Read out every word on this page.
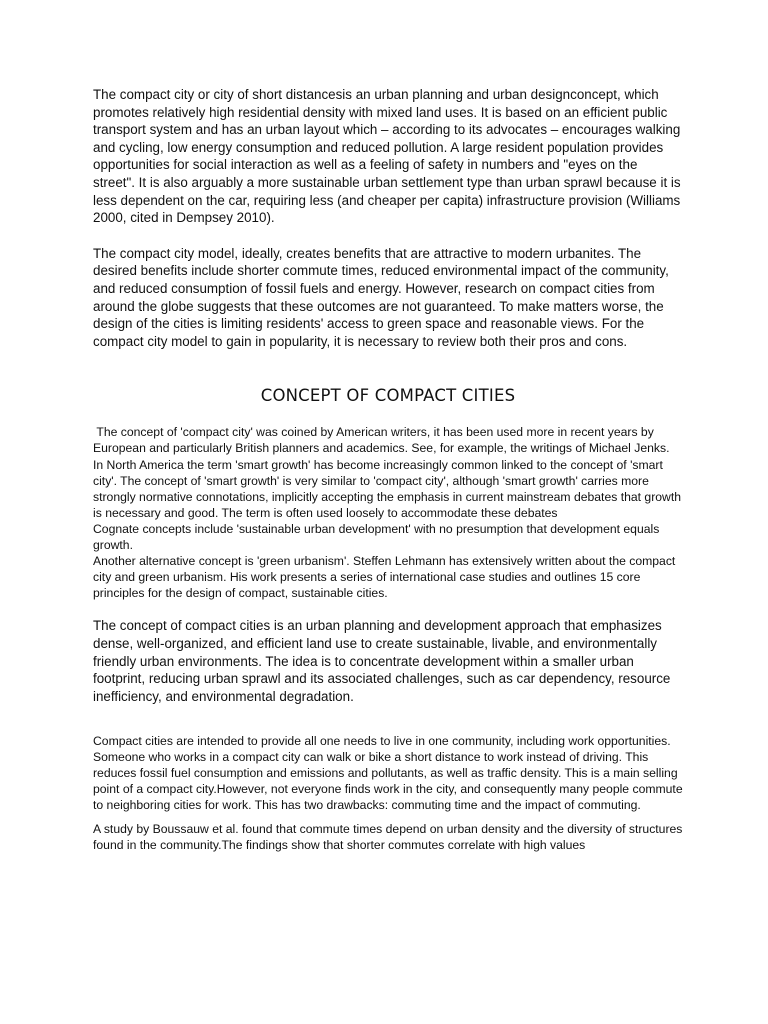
The compact city or city of short distancesis an urban planning and urban designconcept, which promotes relatively high residential density with mixed land uses. It is based on an efficient public transport system and has an urban layout which – according to its advocates – encourages walking and cycling, low energy consumption and reduced pollution. A large resident population provides opportunities for social interaction as well as a feeling of safety in numbers and "eyes on the street". It is also arguably a more sustainable urban settlement type than urban sprawl because it is less dependent on the car, requiring less (and cheaper per capita) infrastructure provision (Williams 2000, cited in Dempsey 2010).

The compact city model, ideally, creates benefits that are attractive to modern urbanites. The desired benefits include shorter commute times, reduced environmental impact of the community, and reduced consumption of fossil fuels and energy. However, research on compact cities from around the globe suggests that these outcomes are not guaranteed. To make matters worse, the design of the cities is limiting residents' access to green space and reasonable views. For the compact city model to gain in popularity, it is necessary to review both their pros and cons.

CONCEPT OF COMPACT CITIES

The concept of 'compact city' was coined by American writers, it has been used more in recent years by European and particularly British planners and academics. See, for example, the writings of Michael Jenks.

In North America the term 'smart growth' has become increasingly common linked to the concept of 'smart city'. The concept of 'smart growth' is very similar to 'compact city', although 'smart growth' carries more strongly normative connotations, implicitly accepting the emphasis in current mainstream debates that growth is necessary and good. The term is often used loosely to accommodate these debates

Cognate concepts include 'sustainable urban development' with no presumption that development equals growth.

Another alternative concept is 'green urbanism'. Steffen Lehmann has extensively written about the compact city and green urbanism. His work presents a series of international case studies and outlines 15 core principles for the design of compact, sustainable cities.

The concept of compact cities is an urban planning and development approach that emphasizes dense, well-organized, and efficient land use to create sustainable, livable, and environmentally friendly urban environments. The idea is to concentrate development within a smaller urban footprint, reducing urban sprawl and its associated challenges, such as car dependency, resource inefficiency, and environmental degradation.

Compact cities are intended to provide all one needs to live in one community, including work opportunities. Someone who works in a compact city can walk or bike a short distance to work instead of driving. This reduces fossil fuel consumption and emissions and pollutants, as well as traffic density. This is a main selling point of a compact city.However, not everyone finds work in the city, and consequently many people commute to neighboring cities for work. This has two drawbacks: commuting time and the impact of commuting.

A study by Boussauw et al. found that commute times depend on urban density and the diversity of structures found in the community.The findings show that shorter commutes correlate with high values
